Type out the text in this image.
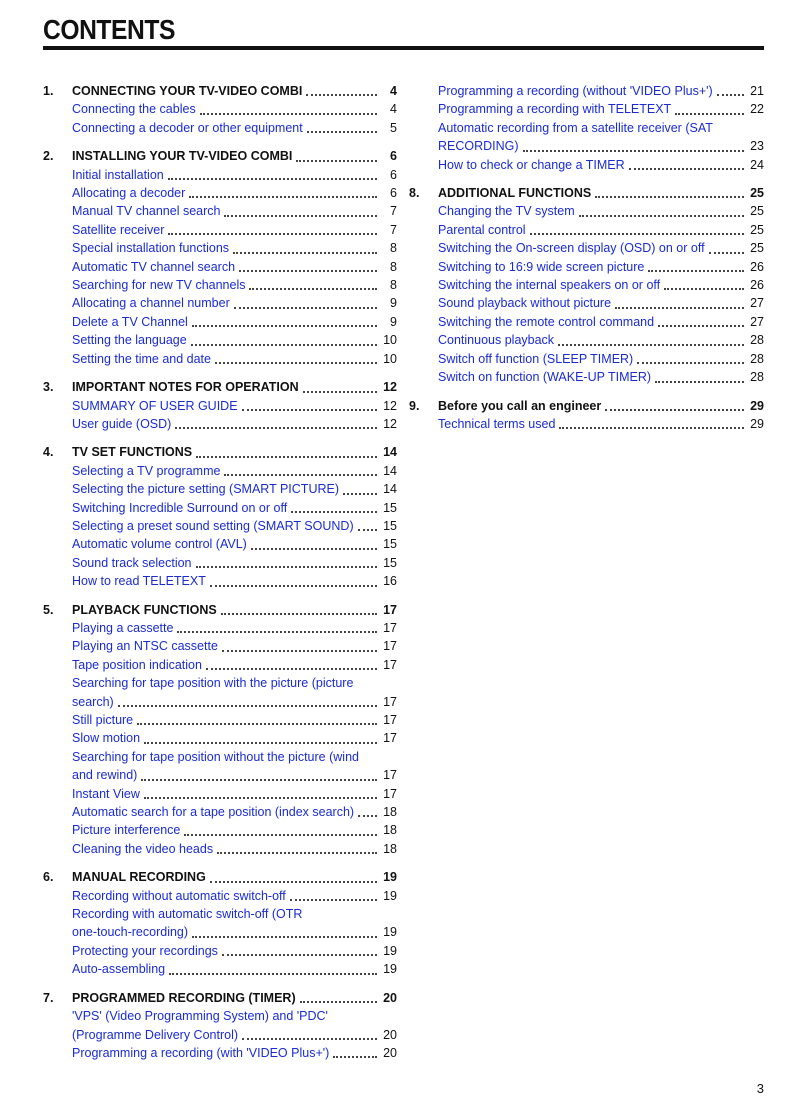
CONTENTS
1.	CONNECTING YOUR TV-VIDEO COMBI	4
Connecting the cables	4
Connecting a decoder or other equipment	5
2.	INSTALLING YOUR TV-VIDEO COMBI	6
Initial installation	6
Allocating a decoder	6
Manual TV channel search	7
Satellite receiver	7
Special installation functions	8
Automatic TV channel search	8
Searching for new TV channels	8
Allocating a channel number	9
Delete a TV Channel	9
Setting the language	10
Setting the time and date	10
3.	IMPORTANT NOTES FOR OPERATION	12
SUMMARY OF USER GUIDE	12
User guide (OSD)	12
4.	TV SET FUNCTIONS	14
Selecting a TV programme	14
Selecting the picture setting (SMART PICTURE)	14
Switching Incredible Surround on or off	15
Selecting a preset sound setting (SMART SOUND) 15
Automatic volume control (AVL)	15
Sound track selection	15
How to read TELETEXT	16
5.	PLAYBACK FUNCTIONS	17
Playing a cassette	17
Playing an NTSC cassette	17
Tape position indication	17
Searching for tape position with the picture (picture
search)	17
Still picture	17
Slow motion	17
Searching for tape position without the picture (wind
and rewind)	17
Instant View	17
Automatic search for a tape position (index search) 18
Picture interference	18
Cleaning the video heads	18
6.	MANUAL RECORDING	19
Recording without automatic switch-off	19
Recording with automatic switch-off (OTR
one-touch-recording)	19
Protecting your recordings	19
Auto-assembling	19
7.	PROGRAMMED RECORDING (TIMER)	20
'VPS' (Video Programming System) and 'PDC'
(Programme Delivery Control)	20
Programming a recording (with 'VIDEO Plus+')	20
Programming a recording (without 'VIDEO Plus+')	21
Programming a recording with TELETEXT	22
Automatic recording from a satellite receiver (SAT
RECORDING)	23
How to check or change a TIMER	24
8.	ADDITIONAL FUNCTIONS	25
Changing the TV system	25
Parental control	25
Switching the On-screen display (OSD) on or off	25
Switching to 16:9 wide screen picture	26
Switching the internal speakers on or off	26
Sound playback without picture	27
Switching the remote control command	27
Continuous playback	28
Switch off function (SLEEP TIMER)	28
Switch on function (WAKE-UP TIMER)	28
9.	Before you call an engineer	29
Technical terms used	29
3
